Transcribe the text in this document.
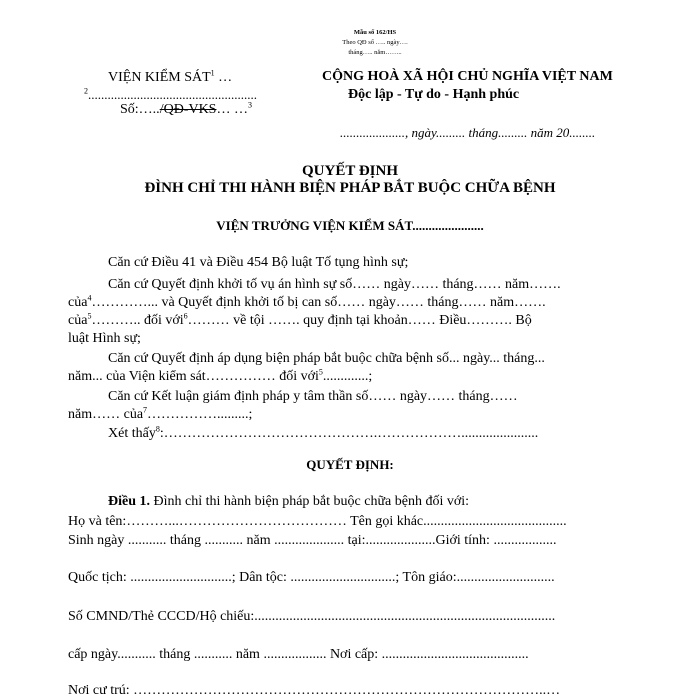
Mẫu số 162/HS
Theo QĐ số ….. ngày….
tháng….. năm……..
VIỆN KIỂM SÁT$^1$ …
$^2$....................................................
Số:…../QĐ-VKS… …$^3$
CỘNG HOÀ XÃ HỘI CHỦ NGHĨA VIỆT NAM
Độc lập - Tự do - Hạnh phúc
...................., ngày......... tháng......... năm 20........
QUYẾT ĐỊNH
ĐÌNH CHỈ THI HÀNH BIỆN PHÁP BẮT BUỘC CHỮA BỆNH
VIỆN TRƯỞNG VIỆN KIỂM SÁT......................
Căn cứ Điều 41 và Điều 454 Bộ luật Tố tụng hình sự;
Căn cứ Quyết định khởi tố vụ án hình sự số…… ngày…… tháng…… năm…….
của$^4$…………... và Quyết định khởi tố bị can số…… ngày…… tháng…… năm…….
của$^5$……….. đối với$^6$……… về tội ……. quy định tại khoản…… Điều………. Bộ
luật Hình sự;
Căn cứ Quyết định áp dụng biện pháp bắt buộc chữa bệnh số... ngày... tháng...
năm... của Viện kiểm sát…………… đối với$^5$.............;
Căn cứ Kết luận giám định pháp y tâm thần số…… ngày…… tháng……
năm…… của$^7$…………….........;
Xét thấy$^8$:……………………………………….………………......................
QUYẾT ĐỊNH:
Điều 1. Đình chỉ thi hành biện pháp bắt buộc chữa bệnh đối với:
Họ và tên:………...……………………………… Tên gọi khác.........................................
Sinh ngày ........... tháng ........... năm .................... tại:....................Giới tính: ..................
Quốc tịch: .............................; Dân tộc: ..............................; Tôn giáo:............................
Số CMND/Thẻ CCCD/Hộ chiếu:......................................................................................
cấp ngày........... tháng ........... năm .................. Nơi cấp: ..........................................
Nơi cư trú: ……………………………………………………………………………..…
